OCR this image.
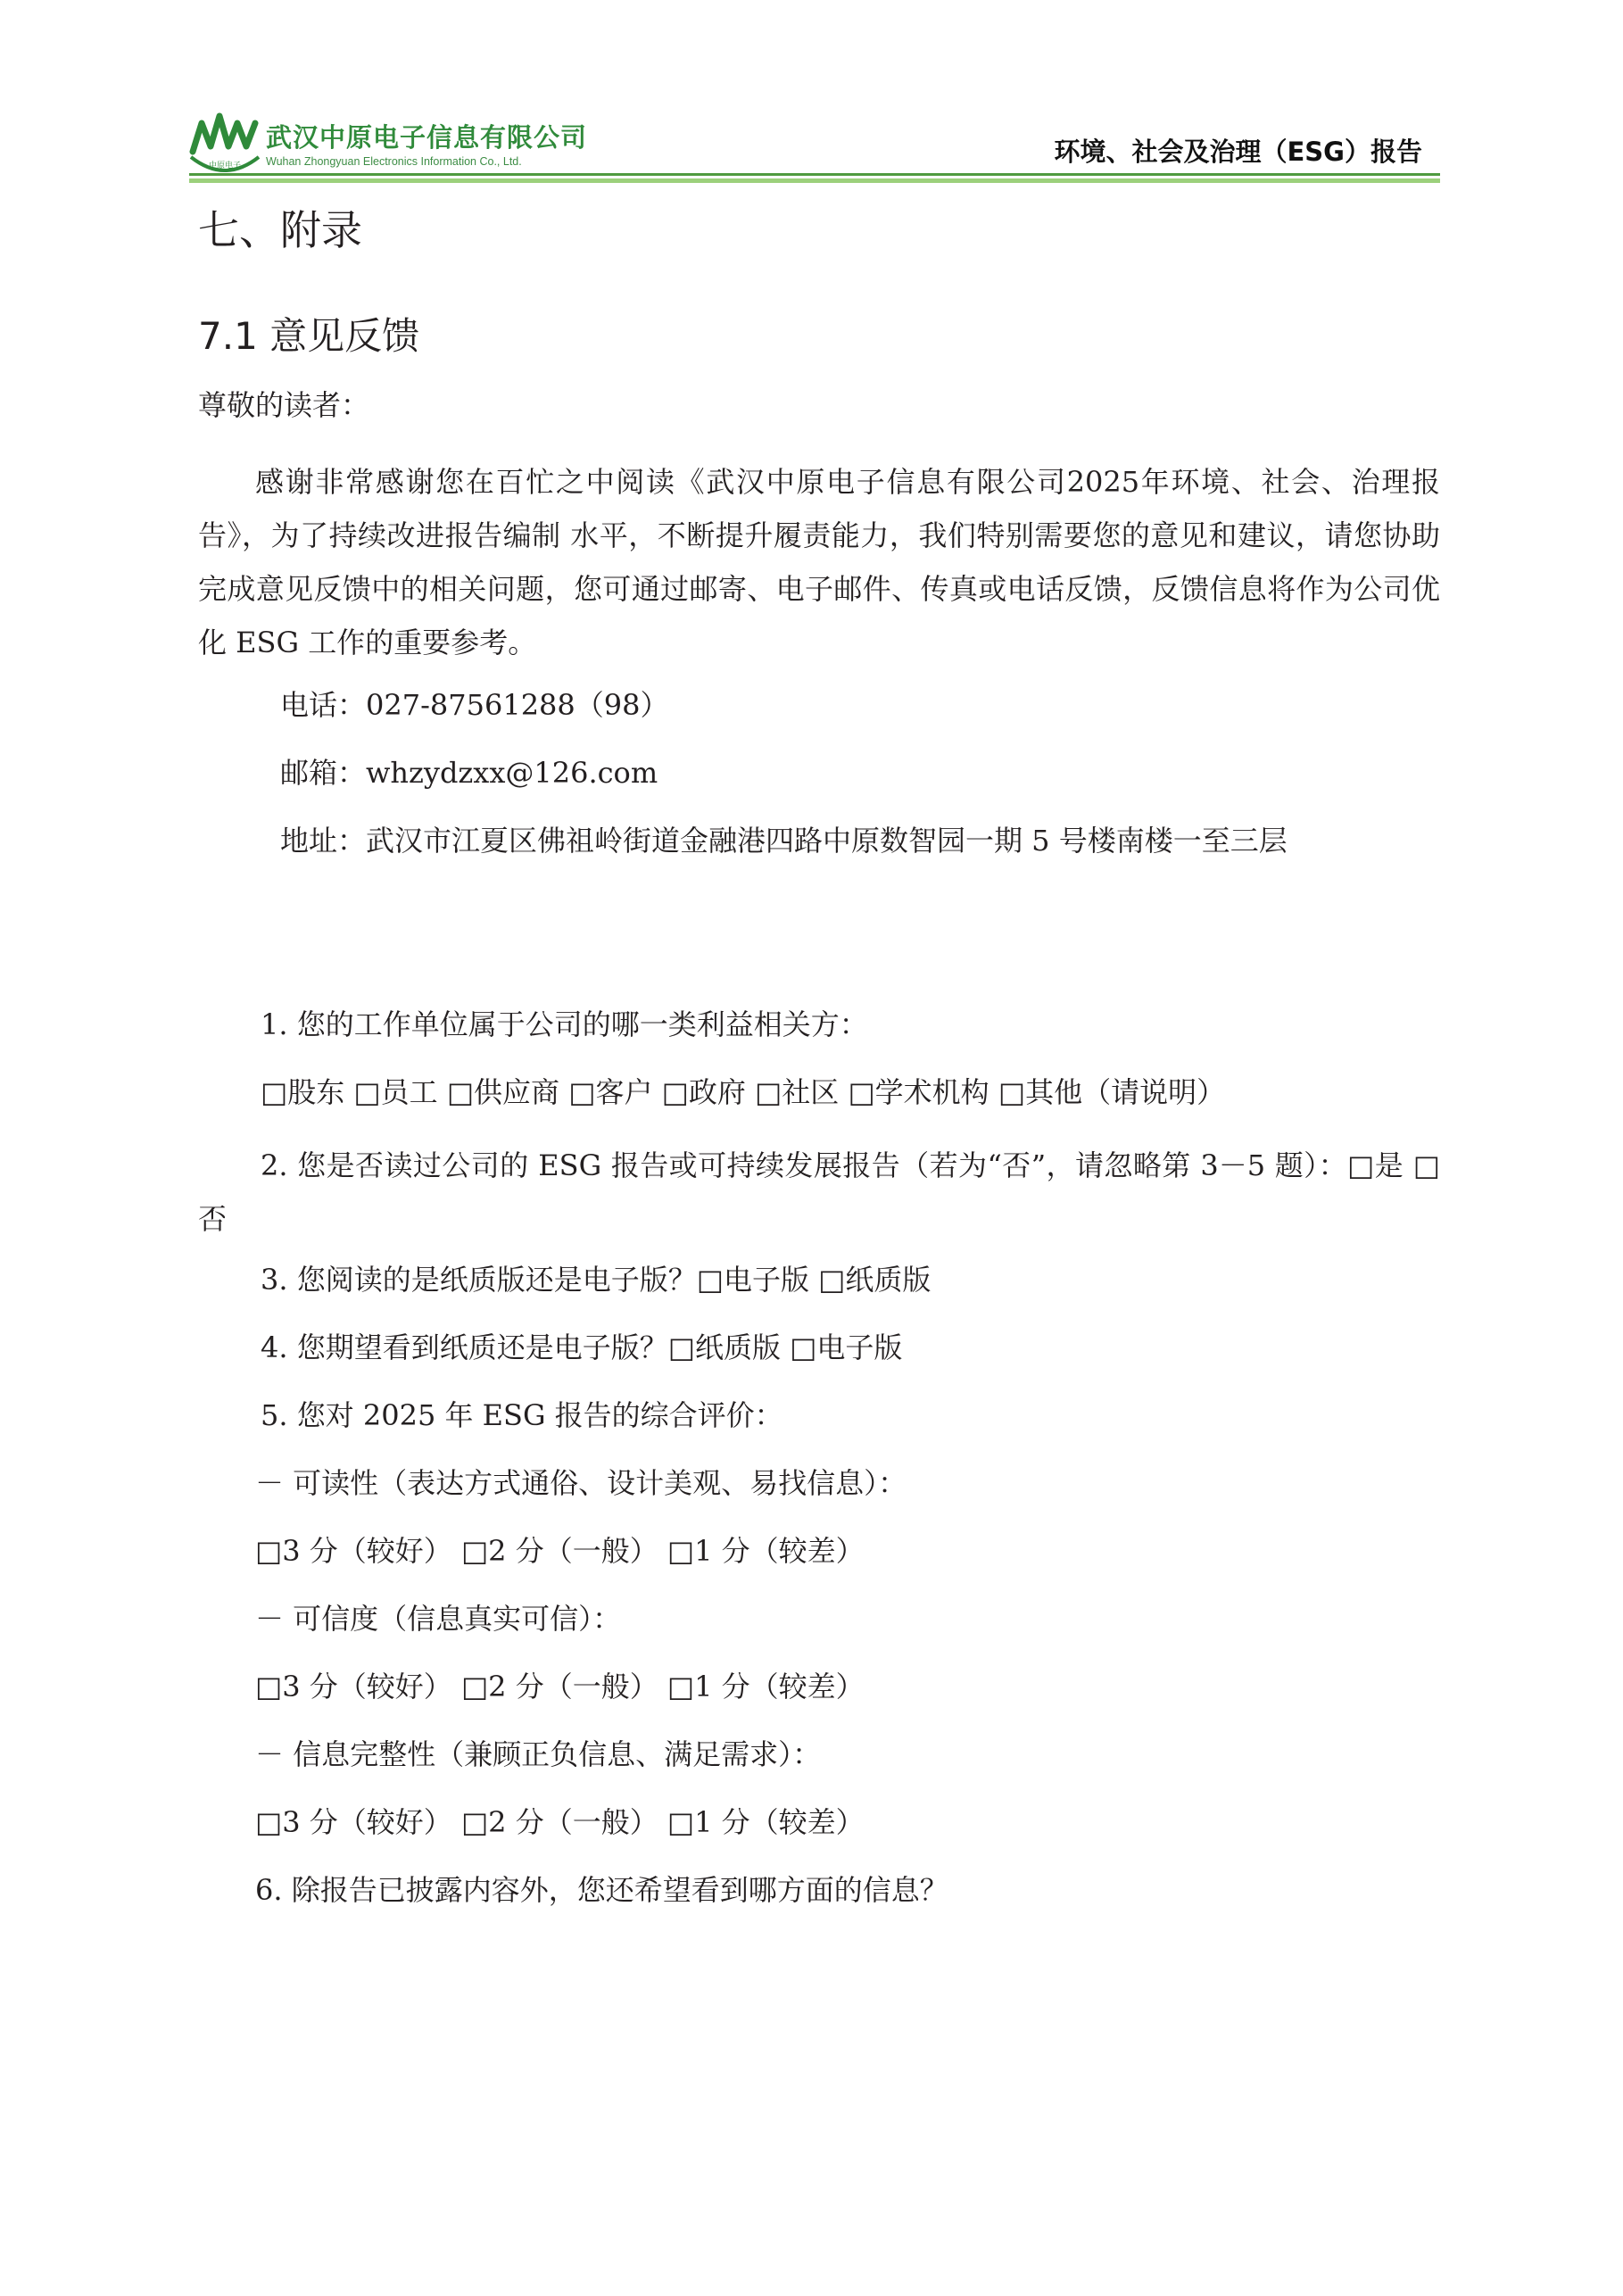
中原电子
武汉中原电子信息有限公司
Wuhan Zhongyuan Electronics Information Co., Ltd.	环境、社会及治理（ESG）报告
七、附录
7.1 意见反馈
尊敬的读者：
感谢非常感谢您在百忙之中阅读《武汉中原电子信息有限公司2025年环境、社会、治理报告》，为了持续改进报告编制 水平，不断提升履责能力，我们特别需要您的意见和建议，请您协助完成意见反馈中的相关问题，您可通过邮寄、电子邮件、传真或电话反馈，反馈信息将作为公司优化 ESG 工作的重要参考。
电话：027-87561288（98）
邮箱：whzydzxx@126.com
地址：武汉市江夏区佛祖岭街道金融港四路中原数智园一期 5 号楼南楼一至三层
1. 您的工作单位属于公司的哪一类利益相关方：
□股东 □员工 □供应商 □客户 □政府 □社区 □学术机构 □其他（请说明）
2. 您是否读过公司的 ESG 报告或可持续发展报告（若为“否”，请忽略第 3－5 题）：□是 □否
3. 您阅读的是纸质版还是电子版？□电子版 □纸质版
4. 您期望看到纸质还是电子版？□纸质版 □电子版
5. 您对 2025 年 ESG 报告的综合评价：
－ 可读性（表达方式通俗、设计美观、易找信息）：
□3 分（较好） □2 分（一般） □1 分（较差）
－ 可信度（信息真实可信）：
□3 分（较好） □2 分（一般） □1 分（较差）
－ 信息完整性（兼顾正负信息、满足需求）：
□3 分（较好） □2 分（一般） □1 分（较差）
6. 除报告已披露内容外，您还希望看到哪方面的信息？
